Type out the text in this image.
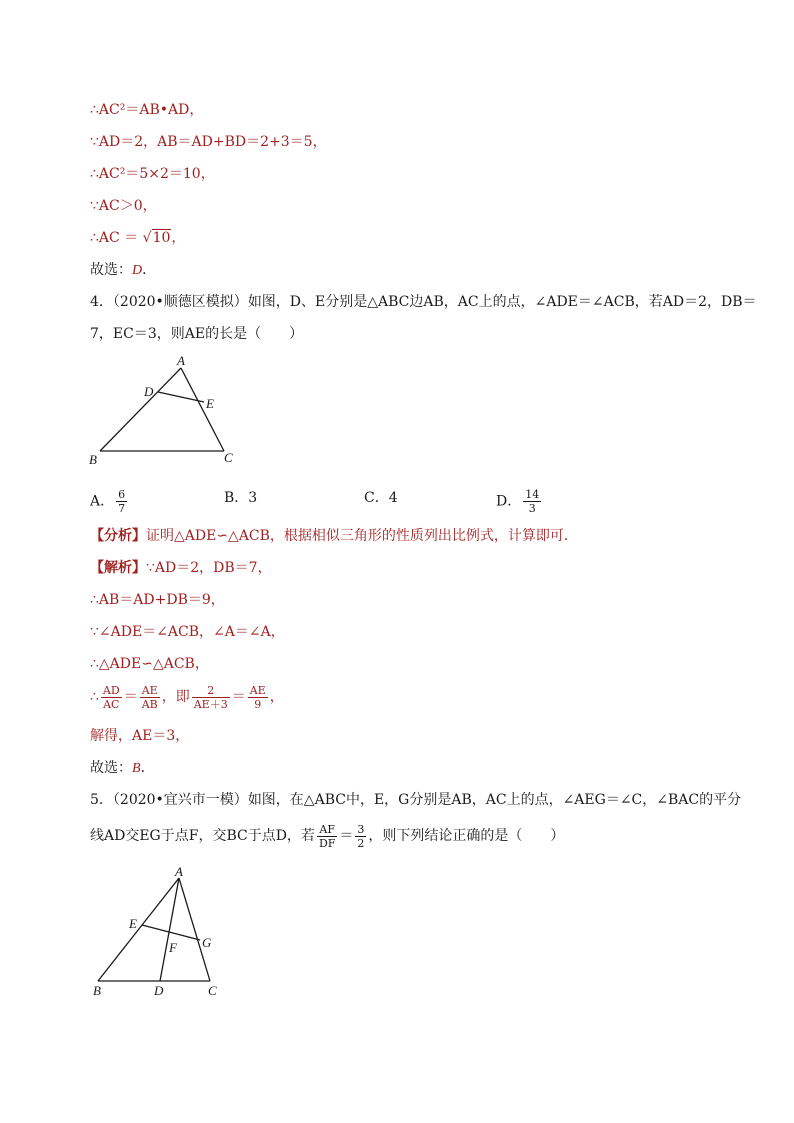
∴AC²＝AB•AD，
∵AD＝2，AB＝AD+BD＝2+3＝5，
∴AC²＝5×2＝10，
∵AC＞0，
∴AC ＝ √10，
故选：D．
4．（2020•顺德区模拟）如图，D、E分别是△ABC边AB，AC上的点，∠ADE＝∠ACB，若AD＝2，DB＝
7，EC＝3，则AE的长是（　　）
A
D
E
B	C
A． $\frac{6}{7}$	B．3	C．4	D． $\frac{14}{3}$
【分析】证明△ADE∽△ACB，根据相似三角形的性质列出比例式，计算即可．
【解析】∵AD＝2，DB＝7，
∴AB＝AD+DB＝9，
∵∠ADE＝∠ACB，∠A＝∠A，
∴△ADE∽△ACB，
∴ $\frac{AD}{AC} = \frac{AE}{AB}$ ，即 $\frac{2}{AE+3} = \frac{AE}{9}$ ，
解得，AE＝3，
故选：B．
5．（2020•宜兴市一模）如图，在△ABC中，E，G分别是AB，AC上的点，∠AEG＝∠C，∠BAC的平分
线AD交EG于点F，交BC于点D，若 $\frac{AF}{DF} = \frac{3}{2}$ ，则下列结论正确的是（　　）
A
E
F G
B	D	C
